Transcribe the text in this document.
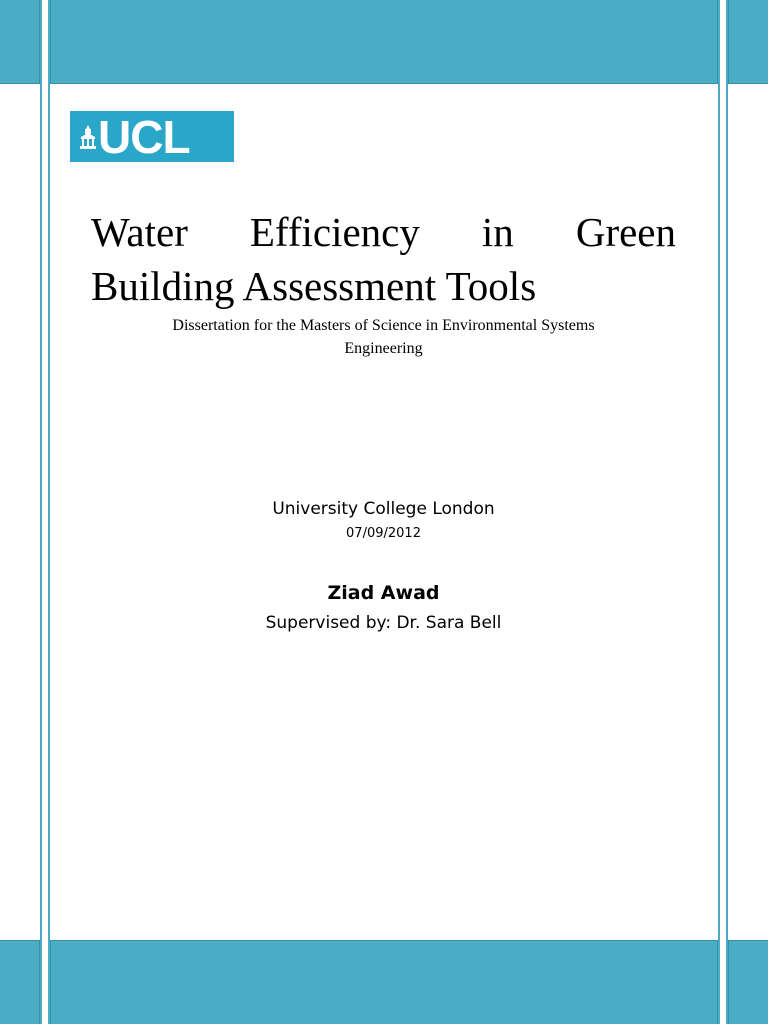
UCL
Water Efficiency in Green
Building Assessment Tools
Dissertation for the Masters of Science in Environmental Systems
Engineering
University College London
07/09/2012
Ziad Awad
Supervised by: Dr. Sara Bell
